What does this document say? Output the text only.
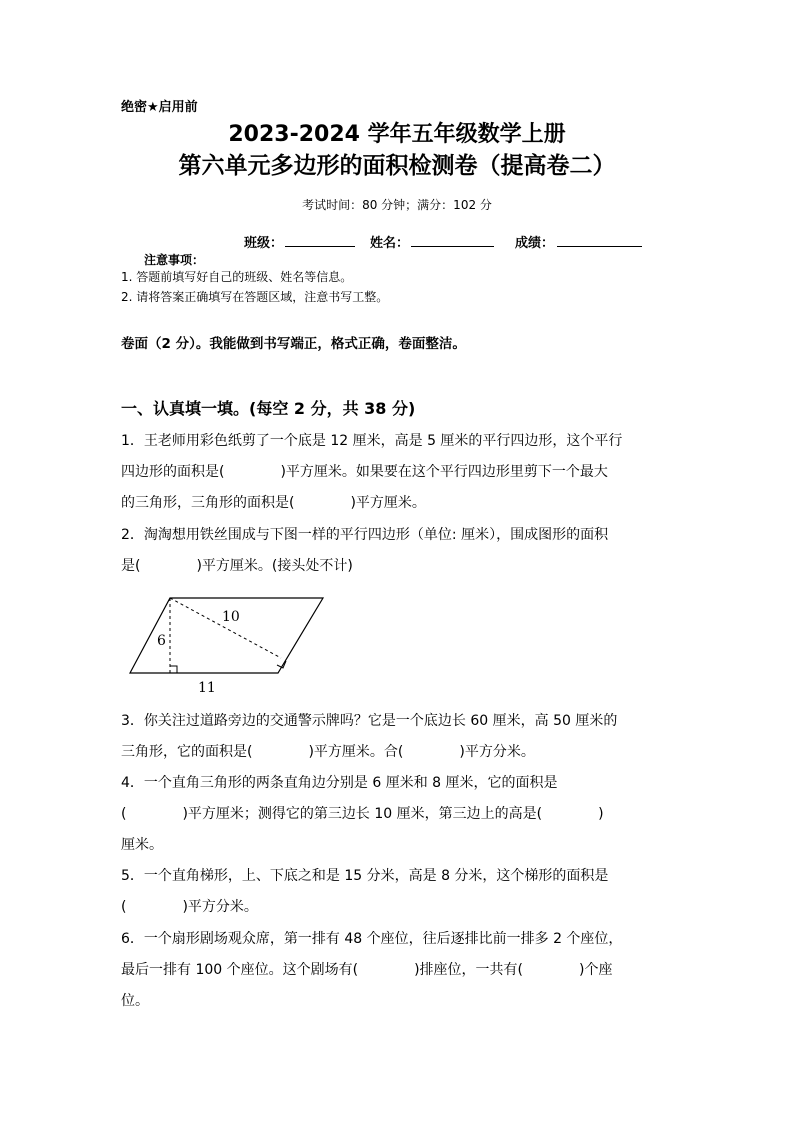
绝密★启用前
2023-2024 学年五年级数学上册
第六单元多边形的面积检测卷（提高卷二）
考试时间：80 分钟；满分：102 分
班级：	姓名：	成绩：
注意事项：
1. 答题前填写好自己的班级、姓名等信息。
2. 请将答案正确填写在答题区域，注意书写工整。
卷面（2 分）。我能做到书写端正，格式正确，卷面整洁。
一、认真填一填。(每空 2 分，共 38 分)
1．王老师用彩色纸剪了一个底是 12 厘米，高是 5 厘米的平行四边形，这个平行
四边形的面积是(　　　　)平方厘米。如果要在这个平行四边形里剪下一个最大
的三角形，三角形的面积是(　　　　)平方厘米。
2．淘淘想用铁丝围成与下图一样的平行四边形（单位: 厘米），围成图形的面积
是(　　　　)平方厘米。(接头处不计)
10
6
11
3．你关注过道路旁边的交通警示牌吗？它是一个底边长 60 厘米，高 50 厘米的
三角形，它的面积是(　　　　)平方厘米。合(　　　　)平方分米。
4．一个直角三角形的两条直角边分别是 6 厘米和 8 厘米，它的面积是
(　　　　)平方厘米；测得它的第三边长 10 厘米，第三边上的高是(　　　　)
厘米。
5．一个直角梯形，上、下底之和是 15 分米，高是 8 分米，这个梯形的面积是
(　　　　)平方分米。
6．一个扇形剧场观众席，第一排有 48 个座位，往后逐排比前一排多 2 个座位，
最后一排有 100 个座位。这个剧场有(　　　　)排座位，一共有(　　　　)个座
位。
